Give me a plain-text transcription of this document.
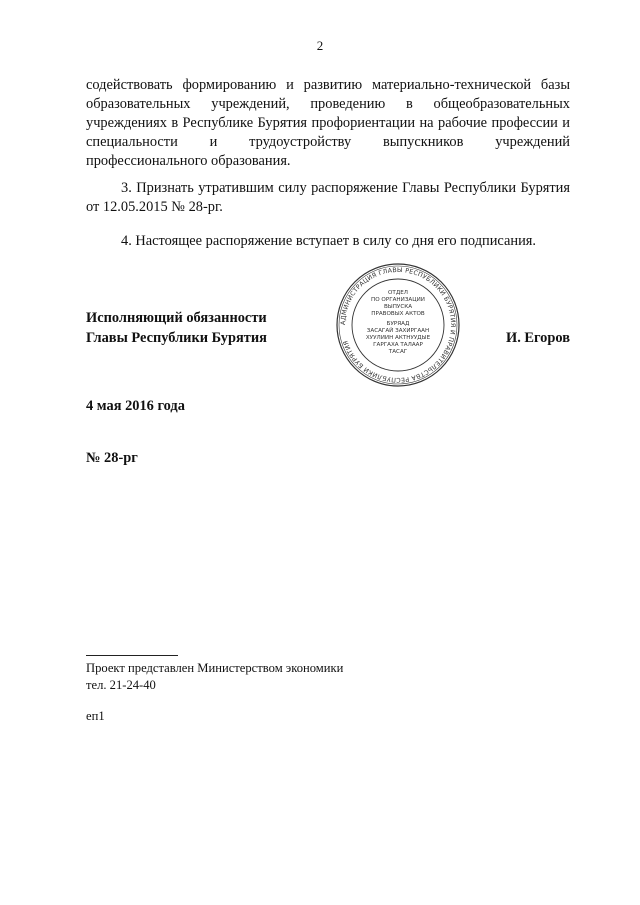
2
содействовать формированию и развитию материально-технической базы образовательных учреждений, проведению в общеобразовательных учреждениях в Республике Бурятия профориентации на рабочие профессии и специальности и трудоустройству выпускников учреждений профессионального образования.
3. Признать утратившим силу распоряжение Главы Республики Бурятия от 12.05.2015 № 28-рг.
4. Настоящее распоряжение вступает в силу со дня его подписания.
Исполняющий обязанности
Главы Республики Бурятия
АДМИНИСТРАЦИЯ ГЛАВЫ РЕСПУБЛИКИ БУРЯТИЯ И ПРАВИТЕЛЬСТВА РЕСПУБЛИКИ БУРЯТИЯ
ОТДЕЛ
ПО ОРГАНИЗАЦИИ
ВЫПУСКА
ПРАВОВЫХ АКТОВ
БУРЯАД
ЗАСАГАЙ ЗАХИРГААН
ХУУЛИИН АКТНУУДЫЕ
ГАРГАХА ТАЛААР
ТАСАГ
И. Егоров
4 мая 2016 года
№ 28-рг
Проект представлен Министерством экономики
тел. 21-24-40
еп1
